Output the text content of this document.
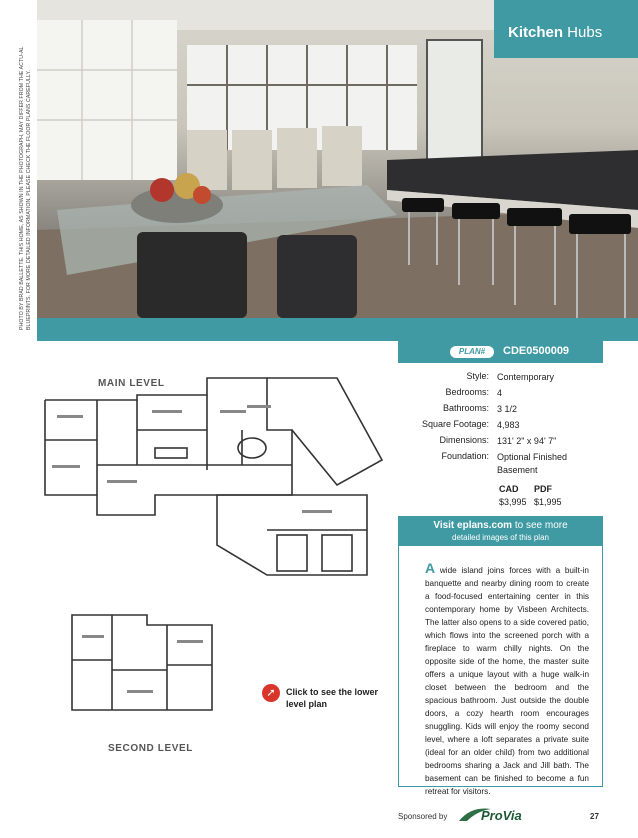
PHOTO BY BRAD BALLETTE. THIS HOME, AS SHOWN IN THE PHOTOGRAPH, MAY DIFFER FROM THE ACTU-AL BLUEPRINTS. FOR MORE DETAILED INFORMATION, PLEASE CHECK THE FLOOR PLANS CAREFULLY.
Kitchen Hubs
MAIN LEVEL
SECOND LEVEL
➚	Click to see the lower level plan
PLAN#	CDE0500009
Style: Contemporary
Bedrooms: 4
Bathrooms: 3 1/2
Square Footage: 4,983
Dimensions: 131' 2" x 94' 7"
Foundation: Optional Finished Basement
CAD PDF
$3,995 $1,995
Visit eplans.com to see more
detailed images of this plan
A wide island joins forces with a built-in banquette and nearby dining room to create a food-focused entertaining center in this contemporary home by Visbeen Architects. The latter also opens to a side covered patio, which flows into the screened porch with a fireplace to warm chilly nights. On the opposite side of the home, the master suite offers a unique layout with a huge walk-in closet between the bedroom and the spacious bathroom. Just outside the double doors, a cozy hearth room encourages snuggling. Kids will enjoy the roomy second level, where a loft separates a private suite (ideal for an older child) from two additional bedrooms sharing a Jack and Jill bath. The basement can be finished to become a fun retreat for visitors.
Sponsored by	ProVia	27
